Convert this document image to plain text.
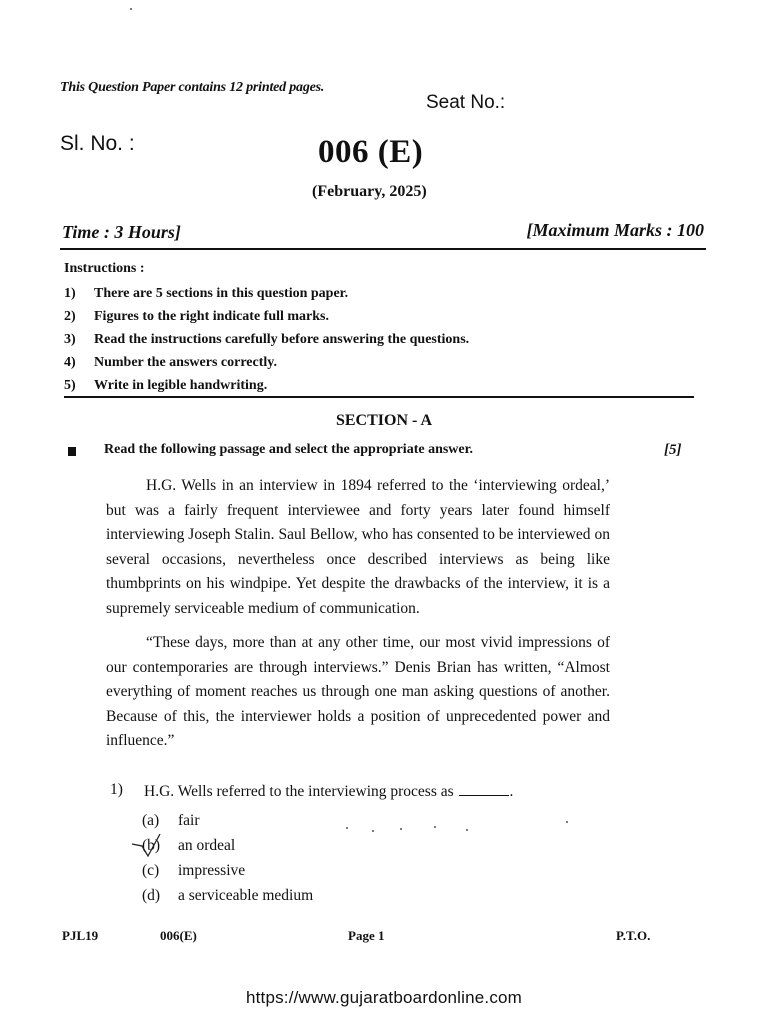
This Question Paper contains 12 printed pages.
Seat No.:
Sl. No. :	006 (E)
(February, 2025)
Time : 3 Hours]	[Maximum Marks : 100
Instructions :
1)	There are 5 sections in this question paper.
2)	Figures to the right indicate full marks.
3)	Read the instructions carefully before answering the questions.
4)	Number the answers correctly.
5)	Write in legible handwriting.
SECTION - A
Read the following passage and select the appropriate answer.	[5]

H.G. Wells in an interview in 1894 referred to the ‘interviewing ordeal,’ but was a fairly frequent interviewee and forty years later found himself interviewing Joseph Stalin. Saul Bellow, who has consented to be interviewed on several occasions, nevertheless once described interviews as being like thumbprints on his windpipe. Yet despite the drawbacks of the interview, it is a supremely serviceable medium of communication.

“These days, more than at any other time, our most vivid impressions of our contemporaries are through interviews.” Denis Brian has written, “Almost everything of moment reaches us through one man asking questions of another. Because of this, the interviewer holds a position of unprecedented power and influence.”

1)	H.G. Wells referred to the interviewing process as	.
(a)	fair
(b)	an ordeal
(c)	impressive
(d)	a serviceable medium
PJL19	006(E)	Page 1	P.T.O.
https://www.gujaratboardonline.com
